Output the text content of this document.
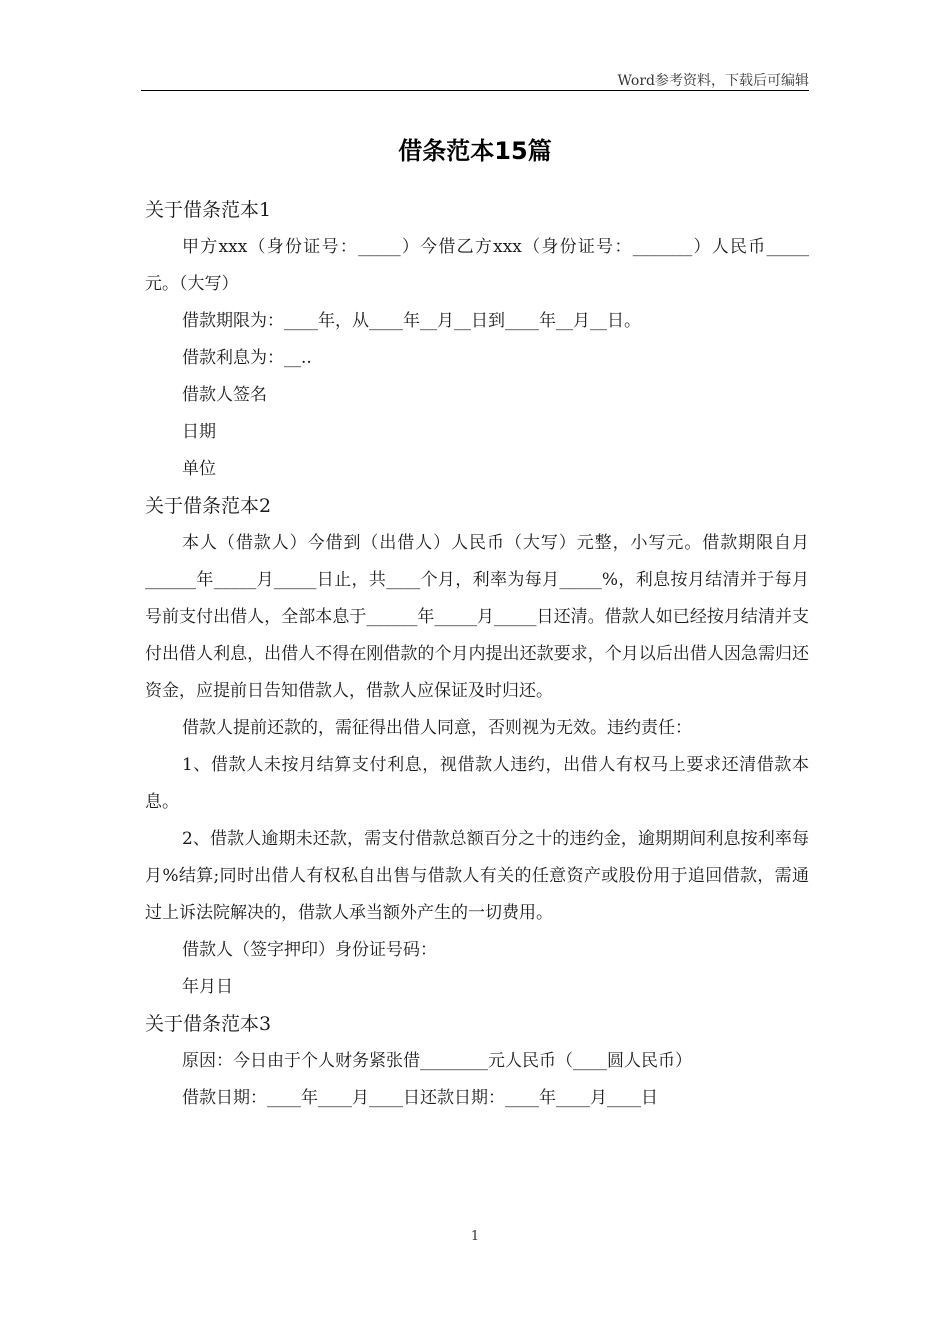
Word参考资料，下载后可编辑
借条范本15篇

关于借条范本1

甲方xxx（身份证号：_____）今借乙方xxx（身份证号：_______）人民币_____元。（大写）

借款期限为：____年，从____年__月__日到____年__月__日。

借款利息为：__..

借款人签名

日期

单位

关于借条范本2

本人（借款人）今借到（出借人）人民币（大写）元整，小写元。借款期限自月______年_____月_____日止，共____个月，利率为每月_____%，利息按月结清并于每月号前支付出借人，全部本息于______年_____月_____日还清。借款人如已经按月结清并支付出借人利息，出借人不得在刚借款的个月内提出还款要求，个月以后出借人因急需归还资金，应提前日告知借款人，借款人应保证及时归还。

借款人提前还款的，需征得出借人同意，否则视为无效。违约责任：

1、借款人未按月结算支付利息，视借款人违约，出借人有权马上要求还清借款本息。

2、借款人逾期未还款，需支付借款总额百分之十的违约金，逾期期间利息按利率每月%结算;同时出借人有权私自出售与借款人有关的任意资产或股份用于追回借款，需通过上诉法院解决的，借款人承当额外产生的一切费用。

借款人（签字押印）身份证号码：

年月日

关于借条范本3

原因：今日由于个人财务紧张借________元人民币（____圆人民币）

借款日期：____年____月____日还款日期：____年____月____日

1
